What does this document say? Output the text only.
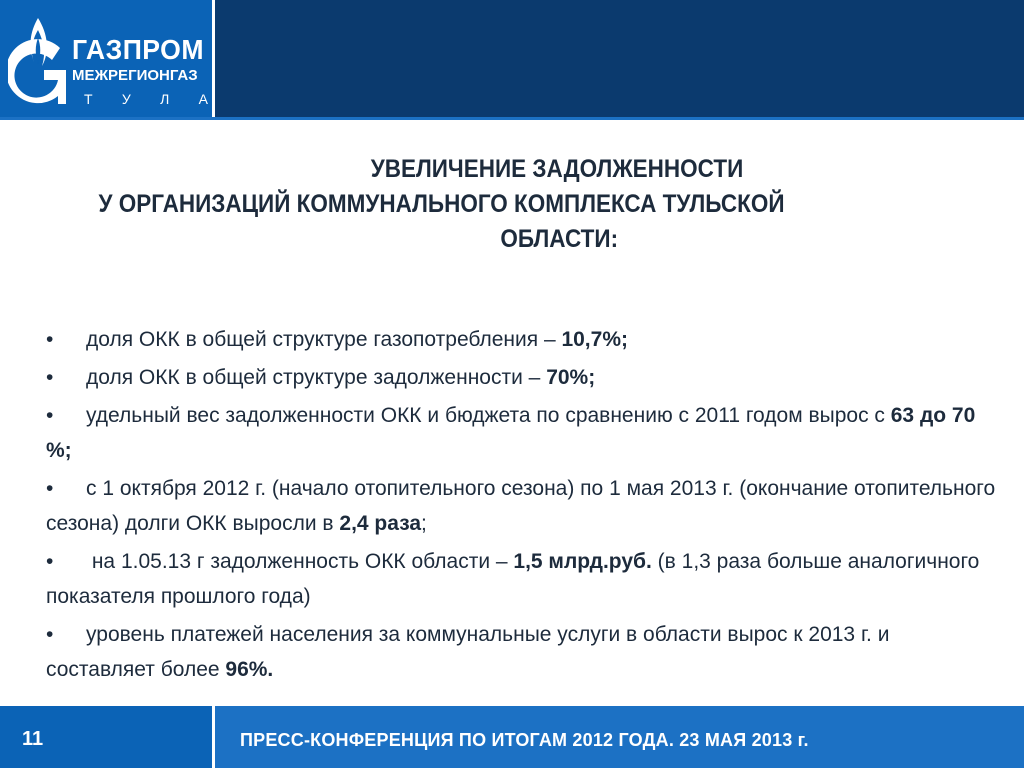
ГАЗПРОМ
МЕЖРЕГИОНГАЗ
Т У Л А
УВЕЛИЧЕНИЕ ЗАДОЛЖЕННОСТИ
У ОРГАНИЗАЦИЙ КОММУНАЛЬНОГО КОМПЛЕКСА ТУЛЬСКОЙ
ОБЛАСТИ:
• доля ОКК в общей структуре газопотребления – 10,7%;
• доля ОКК в общей структуре задолженности – 70%;
• удельный вес задолженности ОКК и бюджета по сравнению с 2011 годом вырос с 63 до 70 %;
• с 1 октября 2012 г. (начало отопительного сезона) по 1 мая 2013 г. (окончание отопительного сезона) долги ОКК выросли в 2,4 раза;
• на 1.05.13 г задолженность ОКК области – 1,5 млрд.руб. (в 1,3 раза больше аналогичного показателя прошлого года)
• уровень платежей населения за коммунальные услуги в области вырос к 2013 г. и составляет более 96%.
11	ПРЕСС-КОНФЕРЕНЦИЯ ПО ИТОГАМ 2012 ГОДА. 23 МАЯ 2013 г.
